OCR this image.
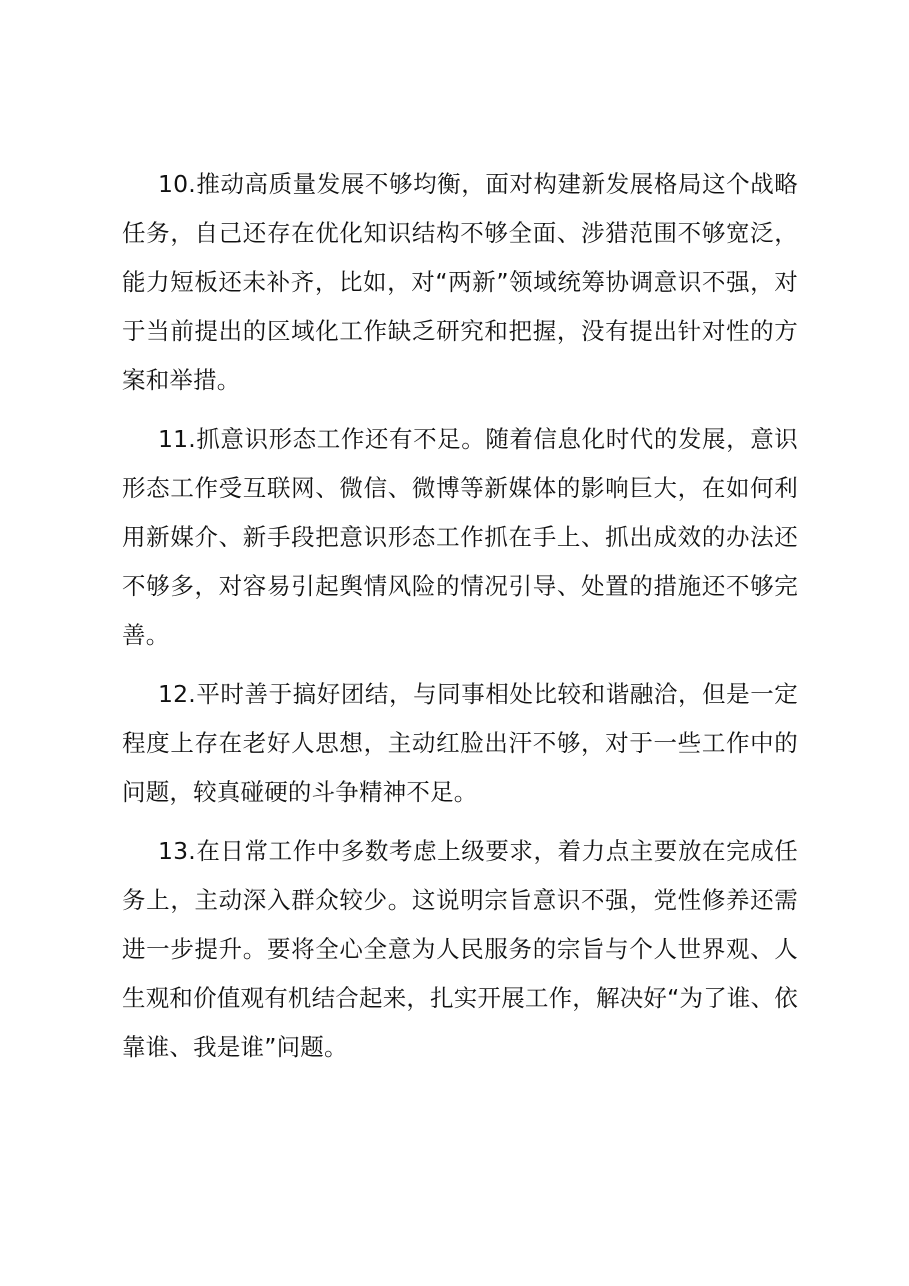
10.推动高质量发展不够均衡，面对构建新发展格局这个战略任务，自己还存在优化知识结构不够全面、涉猎范围不够宽泛，能力短板还未补齐，比如，对“两新”领域统筹协调意识不强，对于当前提出的区域化工作缺乏研究和把握，没有提出针对性的方案和举措。

11.抓意识形态工作还有不足。随着信息化时代的发展，意识形态工作受互联网、微信、微博等新媒体的影响巨大，在如何利用新媒介、新手段把意识形态工作抓在手上、抓出成效的办法还不够多，对容易引起舆情风险的情况引导、处置的措施还不够完善。

12.平时善于搞好团结，与同事相处比较和谐融洽，但是一定程度上存在老好人思想，主动红脸出汗不够，对于一些工作中的问题，较真碰硬的斗争精神不足。

13.在日常工作中多数考虑上级要求，着力点主要放在完成任务上，主动深入群众较少。这说明宗旨意识不强，党性修养还需进一步提升。要将全心全意为人民服务的宗旨与个人世界观、人生观和价值观有机结合起来，扎实开展工作，解决好“为了谁、依靠谁、我是谁”问题。
